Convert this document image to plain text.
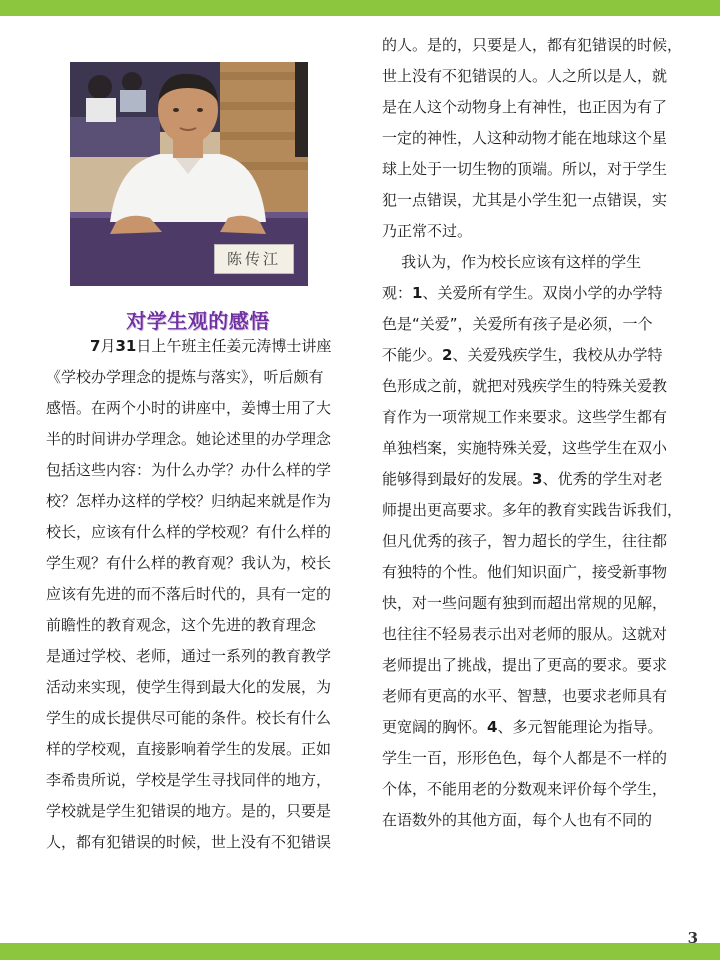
陈传江
对学生观的感悟

7月31日上午班主任姜元涛博士讲座

《学校办学理念的提炼与落实》，听后颇有

感悟。在两个小时的讲座中，姜博士用了大

半的时间讲办学理念。她论述里的办学理念

包括这些内容：为什么办学？办什么样的学

校？怎样办这样的学校？归纳起来就是作为

校长，应该有什么样的学校观？有什么样的

学生观？有什么样的教育观？我认为，校长

应该有先进的而不落后时代的，具有一定的

前瞻性的教育观念，这个先进的教育理念

是通过学校、老师，通过一系列的教育教学

活动来实现，使学生得到最大化的发展，为

学生的成长提供尽可能的条件。校长有什么

样的学校观，直接影响着学生的发展。正如

李希贵所说，学校是学生寻找同伴的地方，

学校就是学生犯错误的地方。是的，只要是

人，都有犯错误的时候，世上没有不犯错误

的人。是的，只要是人，都有犯错误的时候，

世上没有不犯错误的人。人之所以是人，就

是在人这个动物身上有神性，也正因为有了

一定的神性，人这种动物才能在地球这个星

球上处于一切生物的顶端。所以，对于学生

犯一点错误，尤其是小学生犯一点错误，实

乃正常不过。

我认为，作为校长应该有这样的学生

观：1、关爱所有学生。双岗小学的办学特

色是“关爱”，关爱所有孩子是必须，一个

不能少。2、关爱残疾学生，我校从办学特

色形成之前，就把对残疾学生的特殊关爱教

育作为一项常规工作来要求。这些学生都有

单独档案，实施特殊关爱，这些学生在双小

能够得到最好的发展。3、优秀的学生对老

师提出更高要求。多年的教育实践告诉我们，

但凡优秀的孩子，智力超长的学生，往往都

有独特的个性。他们知识面广，接受新事物

快，对一些问题有独到而超出常规的见解，

也往往不轻易表示出对老师的服从。这就对

老师提出了挑战，提出了更高的要求。要求

老师有更高的水平、智慧，也要求老师具有

更宽阔的胸怀。4、多元智能理论为指导。

学生一百，形形色色，每个人都是不一样的

个体，不能用老的分数观来评价每个学生，

在语数外的其他方面，每个人也有不同的

3
